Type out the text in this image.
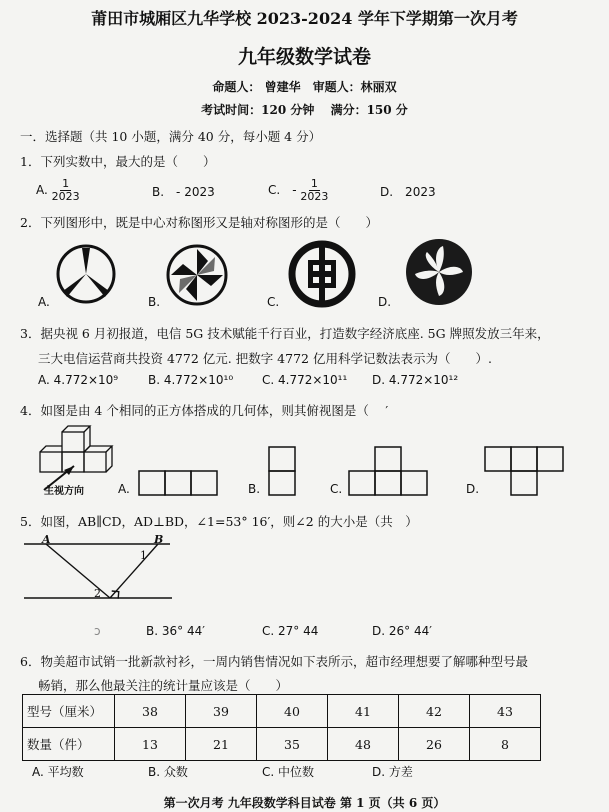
莆田市城厢区九华学校 2023-2024 学年下学期第一次月考
九年级数学试卷
命题人： 曾建华　审题人：林丽双
考试时间：120 分钟　 满分：150 分
一．选择题（共 10 小题，满分 40 分，每小题 4 分）
1．下列实数中，最大的是（　　）
A. $\frac{1}{2023}$	B.　- 2023	C.　- $\frac{1}{2023}$	D.　2023
2．下列图形中，既是中心对称图形又是轴对称图形的是（　　）
A.	B.	C.	D.
3．据央视 6 月初报道，电信 5G 技术赋能千行百业，打造数字经济底座. 5G 牌照发放三年来，
三大电信运营商共投资 4772 亿元. 把数字 4772 亿用科学记数法表示为（　　）.
A. 4.772×10⁹ B. 4.772×10¹⁰ C. 4.772×10¹¹ D. 4.772×10¹²
4．如图是由 4 个相同的正方体搭成的几何体，则其俯视图是（　 ′
主视方向	A.	B.	C.	D.
5．如图，AB∥CD，AD⊥BD，∠1=53° 16′，则∠2 的大小是（共　）
A	B
1
2
ↄ	B. 36° 44′	C. 27° 44	D. 26° 44′
6．物美超市试销一批新款衬衫，一周内销售情况如下表所示，超市经理想要了解哪种型号最
畅销，那么他最关注的统计量应该是（　　）
型号（厘米）	38	39	40	41	42	43
数量（件）	13	21	35	48	26	8
A. 平均数	B. 众数	C. 中位数	D. 方差
第一次月考 九年段数学科目试卷 第 1 页（共 6 页）
